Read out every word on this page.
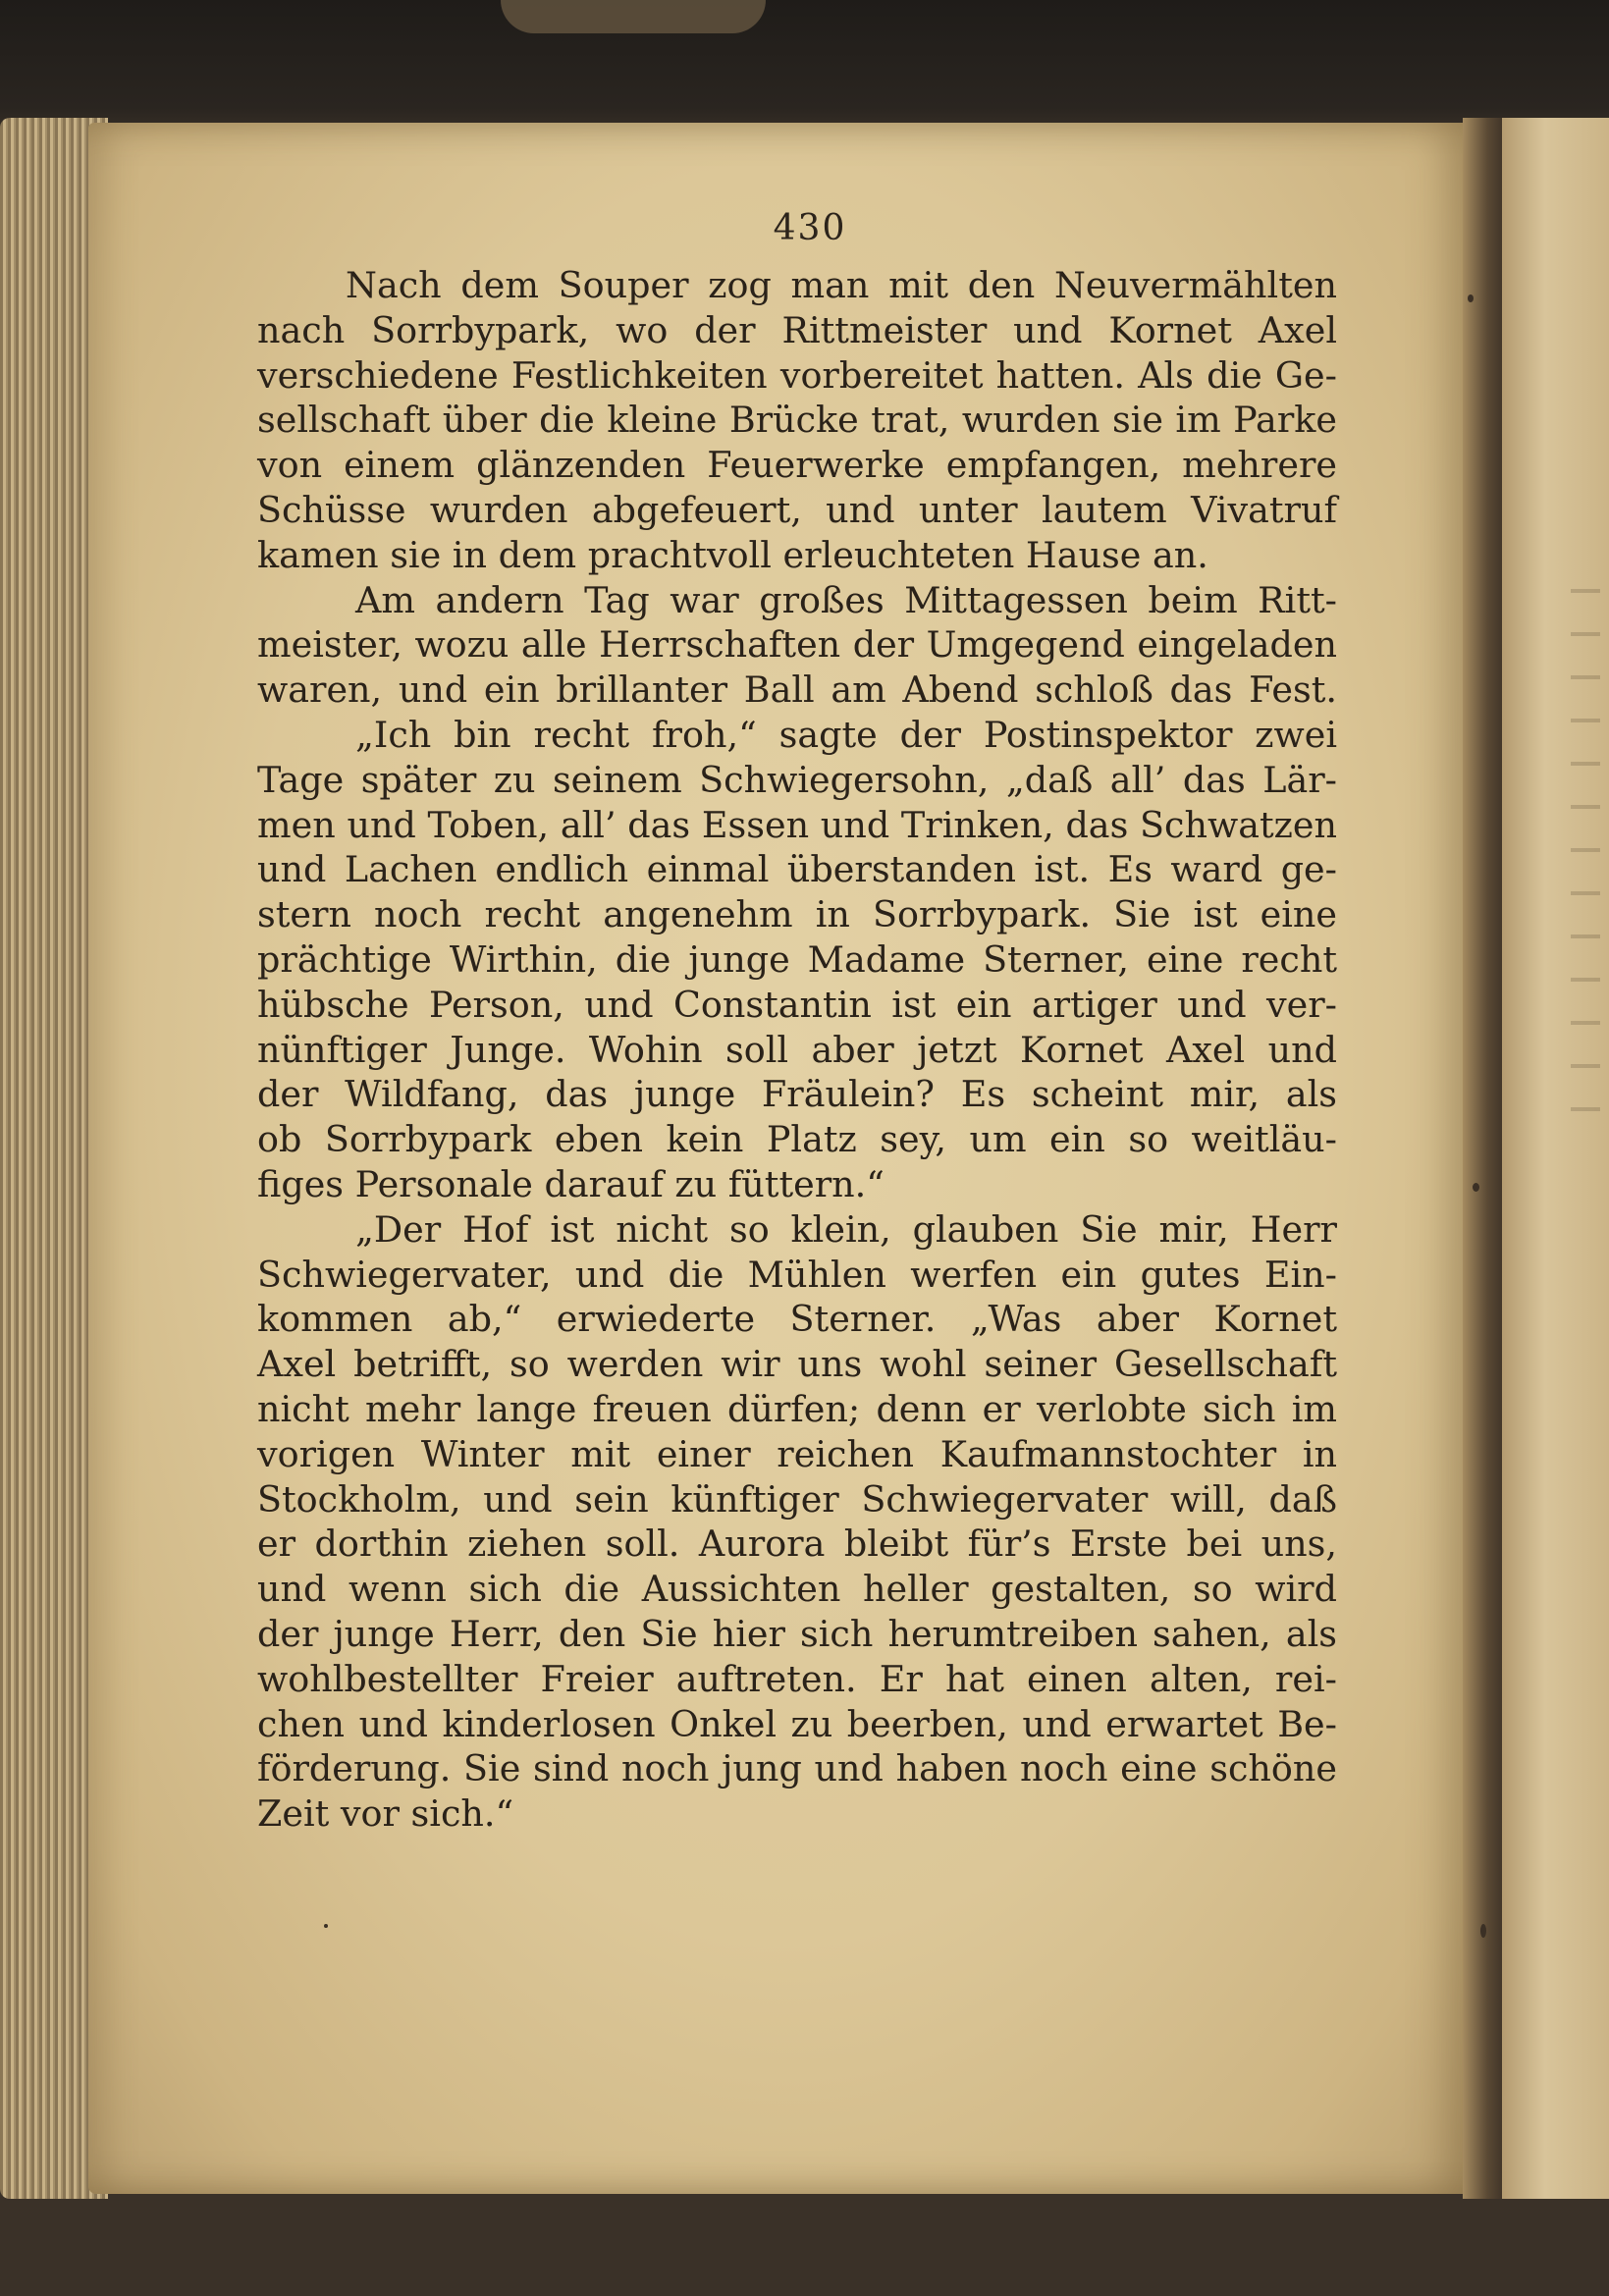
430
Nach dem Souper zog man mit den Neuvermählten
nach Sorrbypark, wo der Rittmeister und Kornet Axel
verschiedene Festlichkeiten vorbereitet hatten. Als die Ge-
sellschaft über die kleine Brücke trat, wurden sie im Parke
von einem glänzenden Feuerwerke empfangen, mehrere
Schüsse wurden abgefeuert, und unter lautem Vivatruf
kamen sie in dem prachtvoll erleuchteten Hause an.
Am andern Tag war großes Mittagessen beim Ritt-
meister, wozu alle Herrschaften der Umgegend eingeladen
waren, und ein brillanter Ball am Abend schloß das Fest.
„Ich bin recht froh,“ sagte der Postinspektor zwei
Tage später zu seinem Schwiegersohn, „daß all’ das Lär-
men und Toben, all’ das Essen und Trinken, das Schwatzen
und Lachen endlich einmal überstanden ist. Es ward ge-
stern noch recht angenehm in Sorrbypark. Sie ist eine
prächtige Wirthin, die junge Madame Sterner, eine recht
hübsche Person, und Constantin ist ein artiger und ver-
nünftiger Junge. Wohin soll aber jetzt Kornet Axel und
der Wildfang, das junge Fräulein? Es scheint mir, als
ob Sorrbypark eben kein Platz sey, um ein so weitläu-
figes Personale darauf zu füttern.“
„Der Hof ist nicht so klein, glauben Sie mir, Herr
Schwiegervater, und die Mühlen werfen ein gutes Ein-
kommen ab,“ erwiederte Sterner. „Was aber Kornet
Axel betrifft, so werden wir uns wohl seiner Gesellschaft
nicht mehr lange freuen dürfen; denn er verlobte sich im
vorigen Winter mit einer reichen Kaufmannstochter in
Stockholm, und sein künftiger Schwiegervater will, daß
er dorthin ziehen soll. Aurora bleibt für’s Erste bei uns,
und wenn sich die Aussichten heller gestalten, so wird
der junge Herr, den Sie hier sich herumtreiben sahen, als
wohlbestellter Freier auftreten. Er hat einen alten, rei-
chen und kinderlosen Onkel zu beerben, und erwartet Be-
förderung. Sie sind noch jung und haben noch eine schöne
Zeit vor sich.“
